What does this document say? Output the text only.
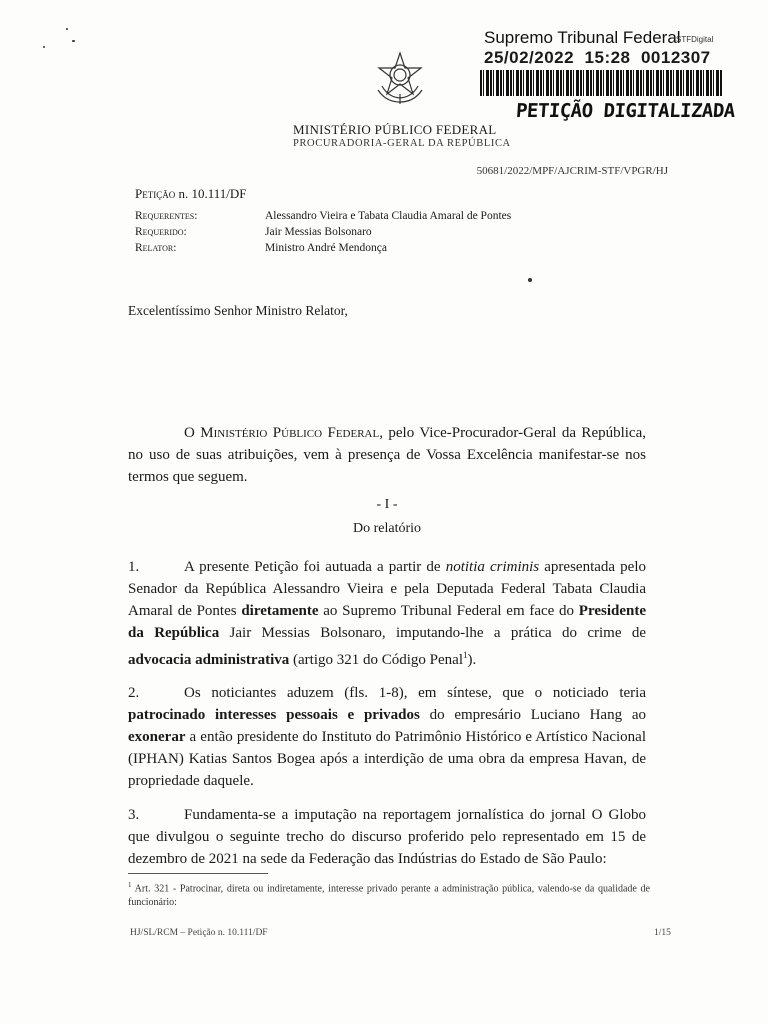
Supremo Tribunal Federal
STFDigital
25/02/2022  15:28  0012307
PETIÇÃO DIGITALIZADA
MINISTÉRIO PÚBLICO FEDERAL
PROCURADORIA-GERAL DA REPÚBLICA
50681/2022/MPF/AJCRIM-STF/VPGR/HJ
Petição n. 10.111/DF
Requerentes:	Alessandro Vieira e Tabata Claudia Amaral de Pontes
Requerido:	Jair Messias Bolsonaro
Relator:	Ministro André Mendonça
Excelentíssimo Senhor Ministro Relator,
O Ministério Público Federal, pelo Vice-Procurador-Geral da República, no uso de suas atribuições, vem à presença de Vossa Excelência manifestar-se nos termos que seguem.
- I -
Do relatório
1.	A presente Petição foi autuada a partir de notitia criminis apresentada pelo Senador da República Alessandro Vieira e pela Deputada Federal Tabata Claudia Amaral de Pontes diretamente ao Supremo Tribunal Federal em face do Presidente da República Jair Messias Bolsonaro, imputando-lhe a prática do crime de advocacia administrativa (artigo 321 do Código Penal$^1$).
2.	Os noticiantes aduzem (fls. 1-8), em síntese, que o noticiado teria patrocinado interesses pessoais e privados do empresário Luciano Hang ao exonerar a então presidente do Instituto do Patrimônio Histórico e Artístico Nacional (IPHAN) Katias Santos Bogea após a interdição de uma obra da empresa Havan, de propriedade daquele.
3.	Fundamenta-se a imputação na reportagem jornalística do jornal O Globo que divulgou o seguinte trecho do discurso proferido pelo representado em 15 de dezembro de 2021 na sede da Federação das Indústrias do Estado de São Paulo:
$^1$ Art. 321 - Patrocinar, direta ou indiretamente, interesse privado perante a administração pública, valendo-se da qualidade de funcionário:
HJ/SL/RCM – Petição n. 10.111/DF	1/15
